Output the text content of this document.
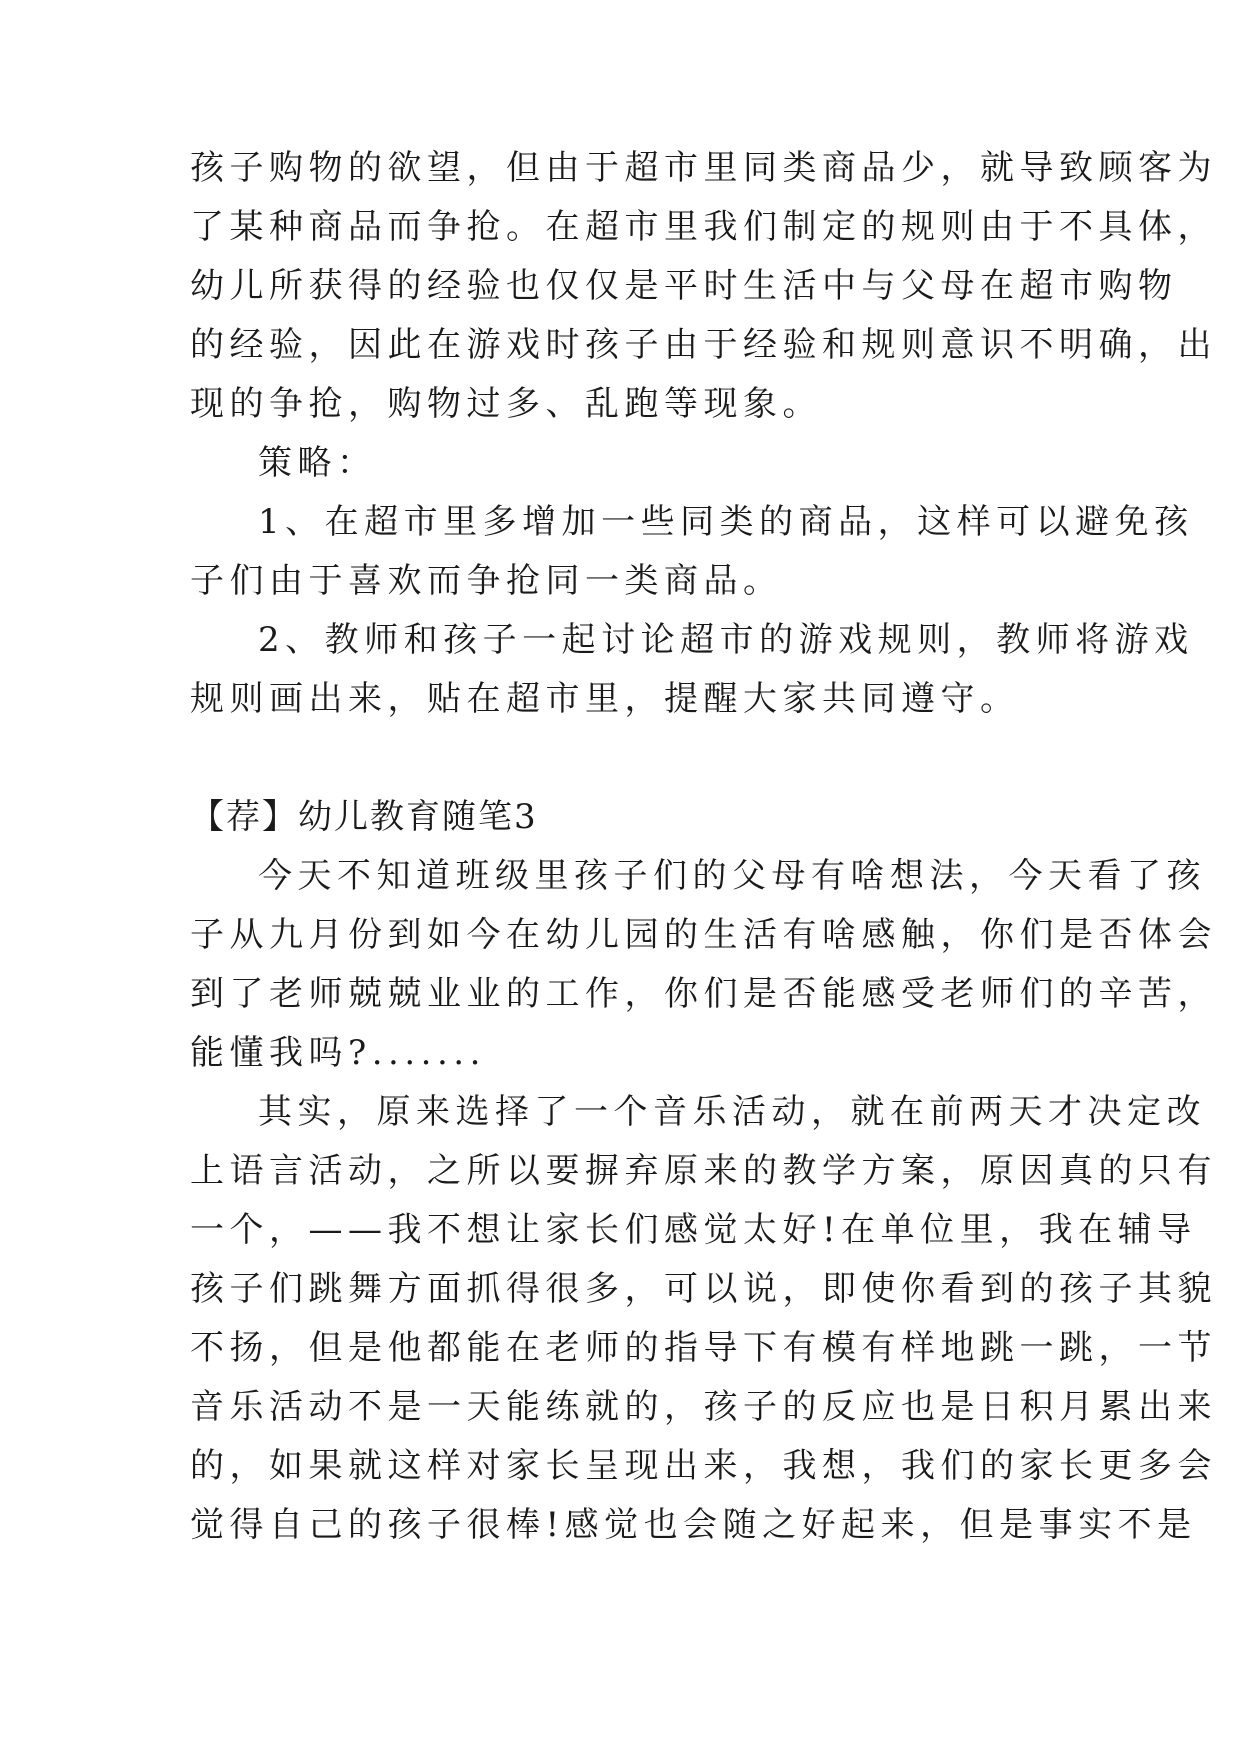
孩子购物的欲望，但由于超市里同类商品少，就导致顾客为
了某种商品而争抢。在超市里我们制定的规则由于不具体，
幼儿所获得的经验也仅仅是平时生活中与父母在超市购物
的经验，因此在游戏时孩子由于经验和规则意识不明确，出
现的争抢，购物过多、乱跑等现象。
策略：
1、在超市里多增加一些同类的商品，这样可以避免孩
子们由于喜欢而争抢同一类商品。
2、教师和孩子一起讨论超市的游戏规则，教师将游戏
规则画出来，贴在超市里，提醒大家共同遵守。
【荐】幼儿教育随笔3
今天不知道班级里孩子们的父母有啥想法，今天看了孩
子从九月份到如今在幼儿园的生活有啥感触，你们是否体会
到了老师兢兢业业的工作，你们是否能感受老师们的辛苦，
能懂我吗?.......
其实，原来选择了一个音乐活动，就在前两天才决定改
上语言活动，之所以要摒弃原来的教学方案，原因真的只有
一个，——我不想让家长们感觉太好!在单位里，我在辅导
孩子们跳舞方面抓得很多，可以说，即使你看到的孩子其貌
不扬，但是他都能在老师的指导下有模有样地跳一跳，一节
音乐活动不是一天能练就的，孩子的反应也是日积月累出来
的，如果就这样对家长呈现出来，我想，我们的家长更多会
觉得自己的孩子很棒!感觉也会随之好起来，但是事实不是
